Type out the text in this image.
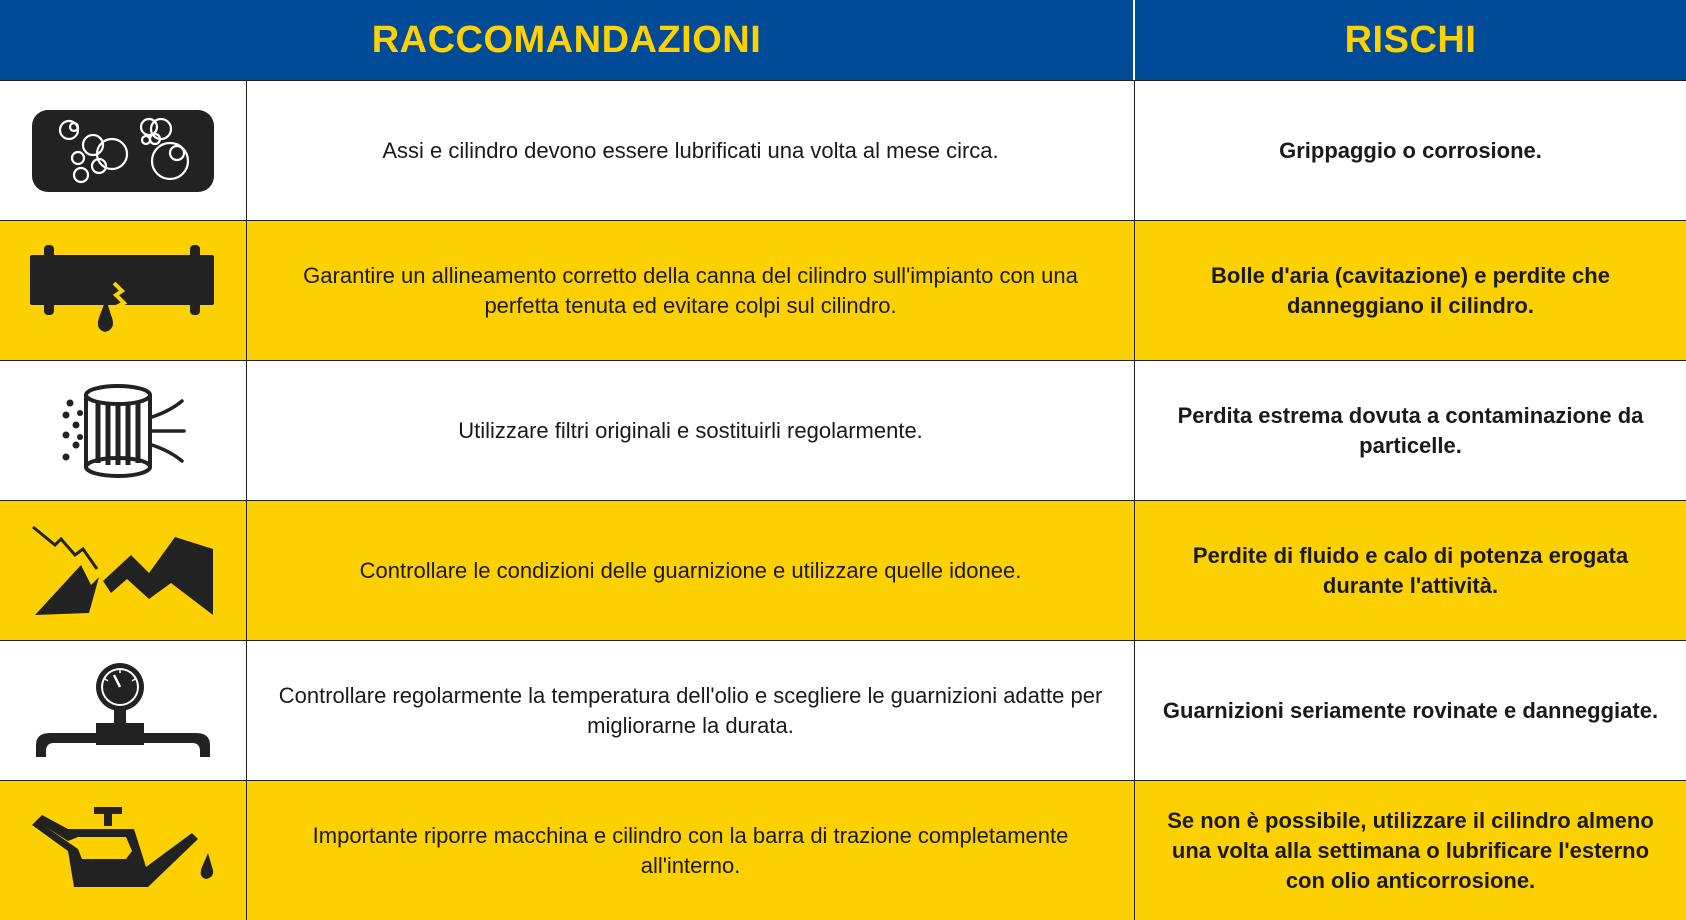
RACCOMANDAZIONI	RISCHI
Assi e cilindro devono essere lubrificati una volta al mese circa.	Grippaggio o corrosione.
Garantire un allineamento corretto della canna del cilindro sull'impianto con una perfetta tenuta ed evitare colpi sul cilindro.
Bolle d'aria (cavitazione) e perdite che danneggiano il cilindro.
Utilizzare filtri originali e sostituirli regolarmente.
Perdita estrema dovuta a contaminazione da particelle.
Controllare le condizioni delle guarnizione e utilizzare quelle idonee.
Perdite di fluido e calo di potenza erogata durante l'attività.
Controllare regolarmente la temperatura dell'olio e scegliere le guarnizioni adatte per migliorarne la durata.
Guarnizioni seriamente rovinate e danneggiate.
Importante riporre macchina e cilindro con la barra di trazione completamente all'interno.
Se non è possibile, utilizzare il cilindro almeno una volta alla settimana o lubrificare l'esterno con olio anticorrosione.
